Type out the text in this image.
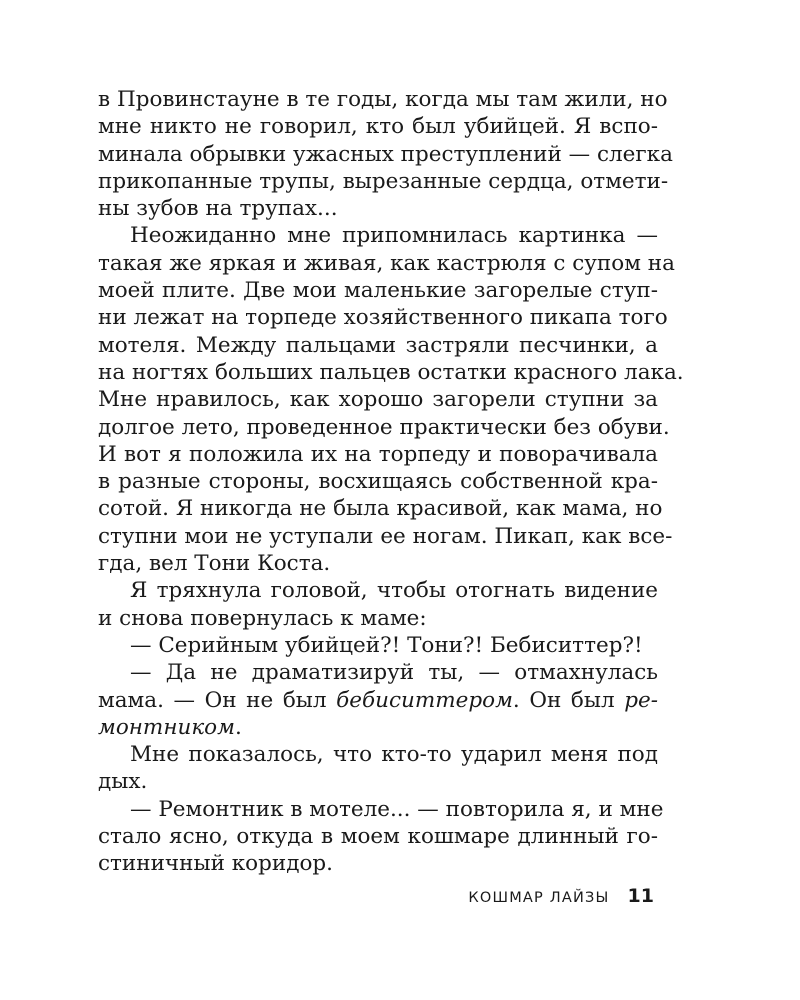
в Провинстауне в те годы, когда мы там жили, но
мне никто не говорил, кто был убийцей. Я вспо-
минала обрывки ужасных преступлений — слегка
прикопанные трупы, вырезанные сердца, отмети-
ны зубов на трупах...
Неожиданно мне припомнилась картинка —
такая же яркая и живая, как кастрюля с супом на
моей плите. Две мои маленькие загорелые ступ-
ни лежат на торпеде хозяйственного пикапа того
мотеля. Между пальцами застряли песчинки, а
на ногтях больших пальцев остатки красного лака.
Мне нравилось, как хорошо загорели ступни за
долгое лето, проведенное практически без обуви.
И вот я положила их на торпеду и поворачивала
в разные стороны, восхищаясь собственной кра-
сотой. Я никогда не была красивой, как мама, но
ступни мои не уступали ее ногам. Пикап, как все-
гда, вел Тони Коста.
Я тряхнула головой, чтобы отогнать видение
и снова повернулась к маме:
— Серийным убийцей?! Тони?! Бебиситтер?!
— Да не драматизируй ты, — отмахнулась
мама. — Он не был бебиситтером. Он был ре-
монтником.
Мне показалось, что кто-то ударил меня под
дых.
— Ремонтник в мотеле... — повторила я, и мне
стало ясно, откуда в моем кошмаре длинный го-
стиничный коридор.
КОШМАР ЛАЙЗЫ 11
